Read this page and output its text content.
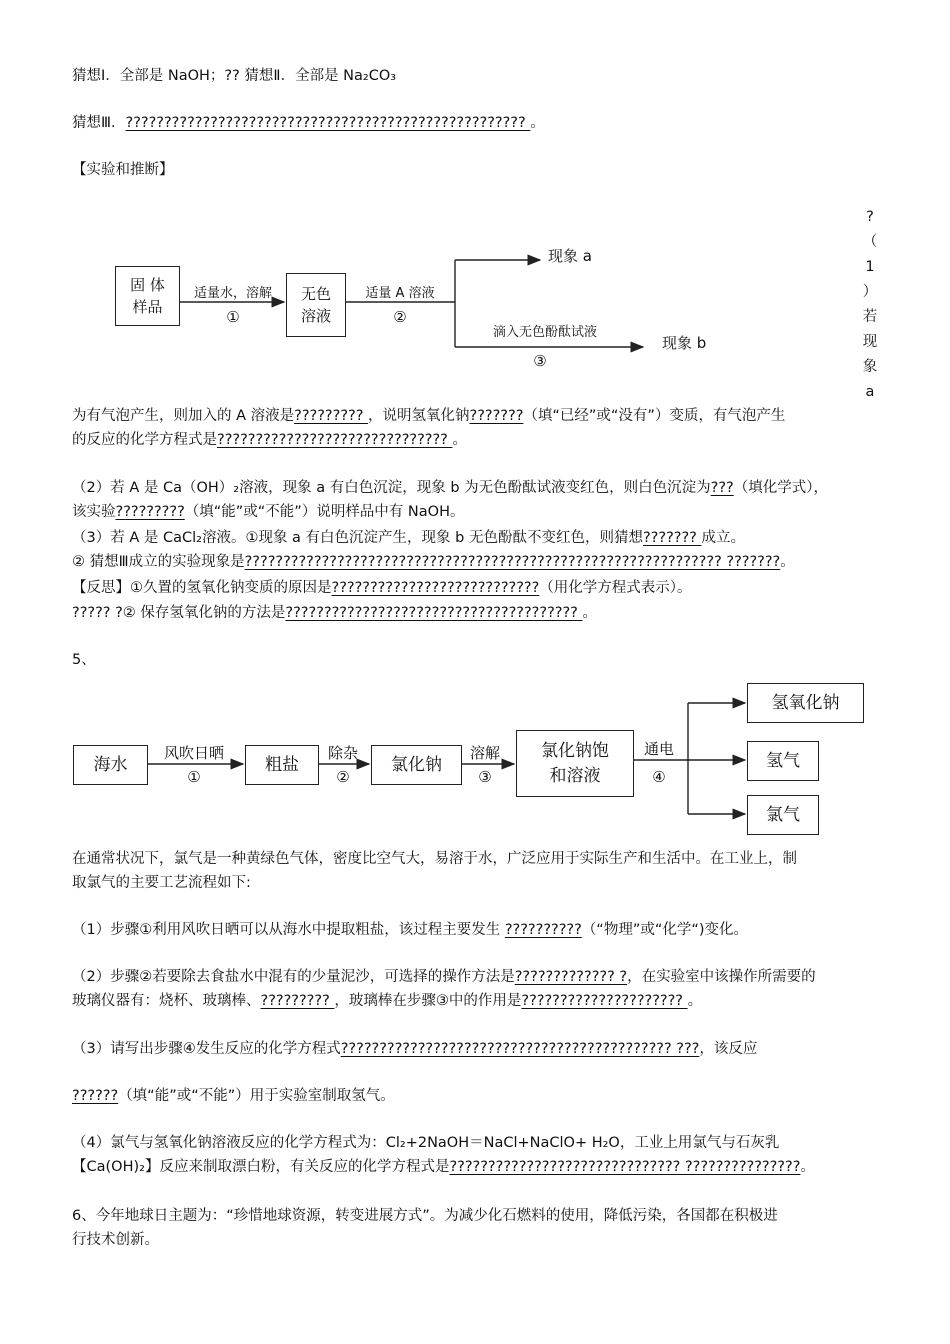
猜想Ⅰ．全部是 NaOH；?? 猜想Ⅱ．全部是 Na₂CO₃
猜想Ⅲ．???????????????????????????????????????????????????? 。
【实验和推断】
?
（
1
）
若
现
象
a
固 体
样品
无色
溶液
适量水，溶解
①
适量 A 溶液
②
滴入无色酚酞试液
③
现象 a
现象 b
为有气泡产生，则加入的 A 溶液是????????? ，说明氢氧化钠???????（填“已经”或“没有”）变质，有气泡产生
的反应的化学方程式是?????????????????????????????? 。
（2）若 A 是 Ca（OH）₂溶液，现象 a 有白色沉淀，现象 b 为无色酚酞试液变红色，则白色沉淀为???（填化学式），
该实验?????????（填“能”或“不能”）说明样品中有 NaOH。
（3）若 A 是 CaCl₂溶液。①现象 a 有白色沉淀产生，现象 b 无色酚酞不变红色，则猜想??????? 成立。
② 猜想Ⅲ成立的实验现象是?????????????????????????????????????????????????????????????? ???????。
【反思】①久置的氢氧化钠变质的原因是???????????????????????????（用化学方程式表示）。
????? ?② 保存氢氧化钠的方法是?????????????????????????????????????? 。
5、
海水	粗盐	氯化钠
氯化钠饱
和溶液
氢氧化钠
氢气
氯气
风吹日晒
①
除杂
②
溶解
③
通电
④
在通常状况下，氯气是一种黄绿色气体，密度比空气大，易溶于水，广泛应用于实际生产和生活中。在工业上，制
取氯气的主要工艺流程如下:
（1）步骤①利用风吹日晒可以从海水中提取粗盐，该过程主要发生 ??????????（“物理”或“化学“)变化。
（2）步骤②若要除去食盐水中混有的少量泥沙，可选择的操作方法是????????????? ?，在实验室中该操作所需要的
玻璃仪器有：烧杯、玻璃棒、????????? ，玻璃棒在步骤③中的作用是????????????????????? 。
（3）请写出步骤④发生反应的化学方程式??????????????????????????????????????????? ???，该反应
??????（填“能”或“不能”）用于实验室制取氢气。
（4）氯气与氢氧化钠溶液反应的化学方程式为：Cl₂+2NaOH＝NaCl+NaClO+ H₂O，工业上用氯气与石灰乳
【Ca(OH)₂】反应来制取漂白粉，有关反应的化学方程式是?????????????????????????????? ???????????????。
6、今年地球日主题为：“珍惜地球资源，转变进展方式”。为减少化石燃料的使用，降低污染，各国都在积极进
行技术创新。
